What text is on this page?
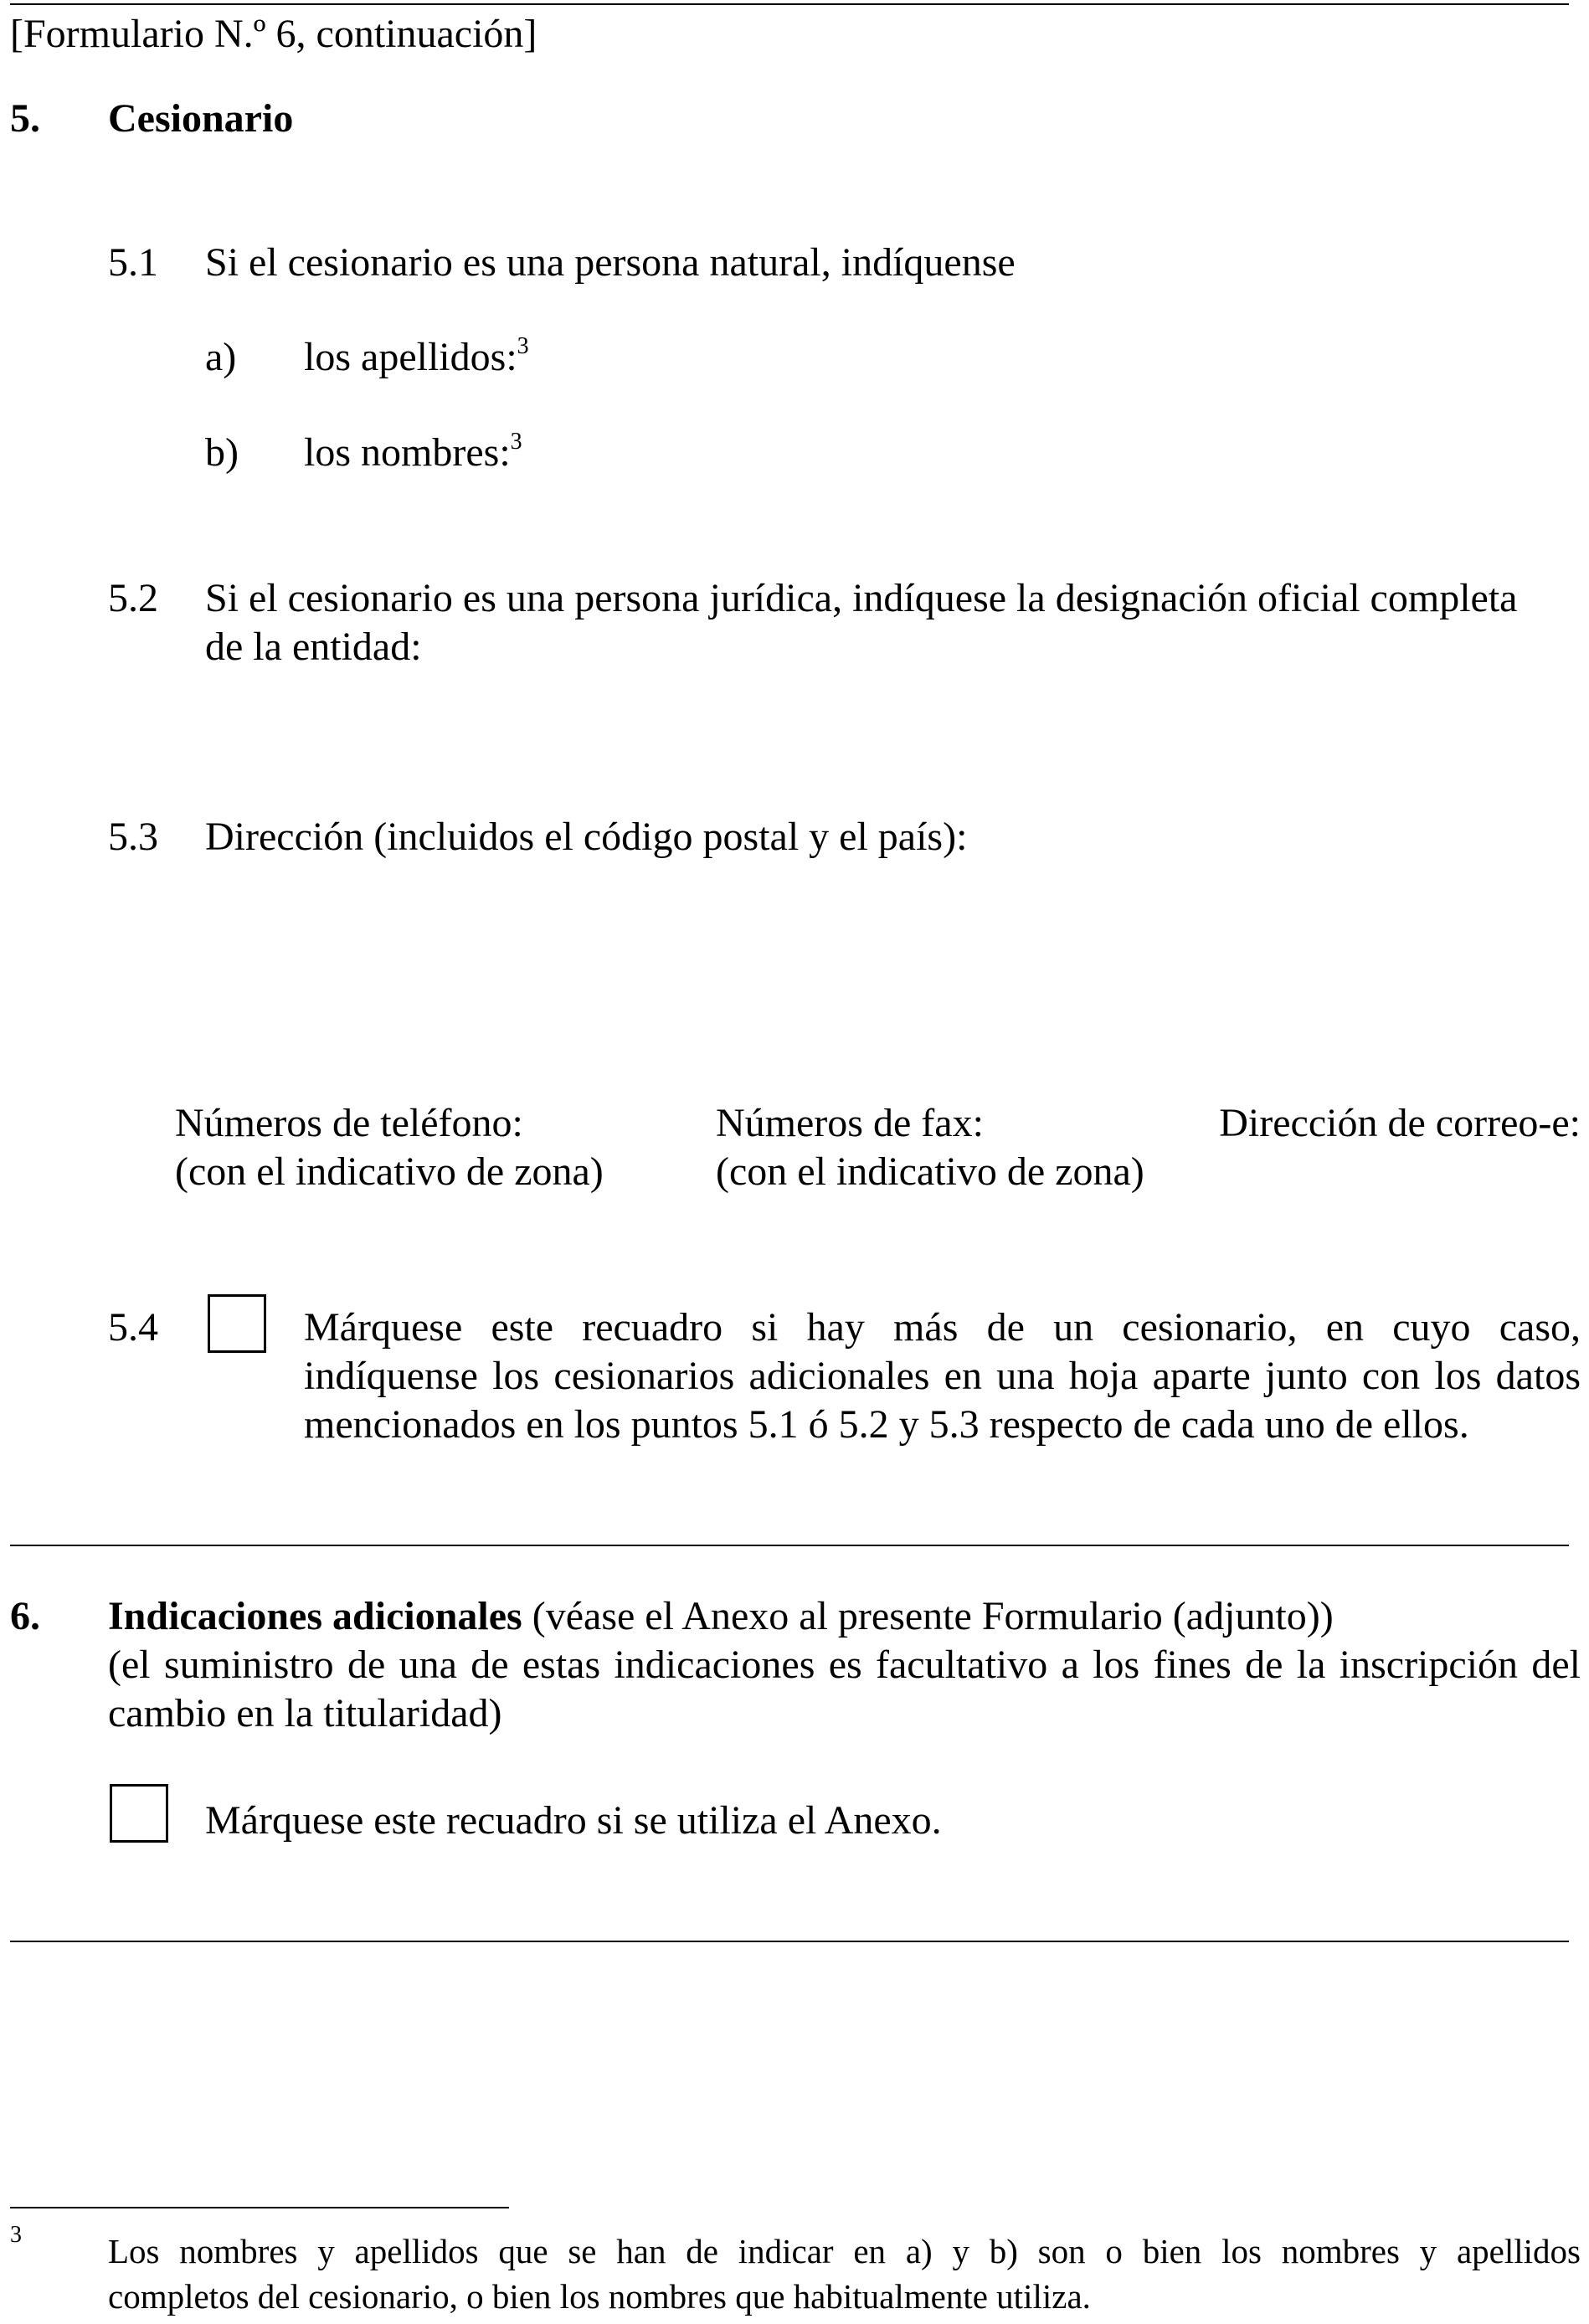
[Formulario N.º 6, continuación]
5. Cesionario
5.1 Si el cesionario es una persona natural, indíquense
a) los apellidos:$^3$
b) los nombres:$^3$
5.2 Si el cesionario es una persona jurídica, indíquese la designación oficial completa
de la entidad:
5.3 Dirección (incluidos el código postal y el país):
Números de teléfono:
(con el indicativo de zona)
Números de fax:
(con el indicativo de zona)
Dirección de correo-e:
5.4	Márquese este recuadro si hay más de un cesionario, en cuyo caso,
indíquense los cesionarios adicionales en una hoja aparte junto con los datos
mencionados en los puntos 5.1 ó 5.2 y 5.3 respecto de cada uno de ellos.
6. Indicaciones adicionales (véase el Anexo al presente Formulario (adjunto))
(el suministro de una de estas indicaciones es facultativo a los fines de la inscripción del
cambio en la titularidad)
Márquese este recuadro si se utiliza el Anexo.
3	Los nombres y apellidos que se han de indicar en a) y b) son o bien los nombres y apellidos
completos del cesionario, o bien los nombres que habitualmente utiliza.
